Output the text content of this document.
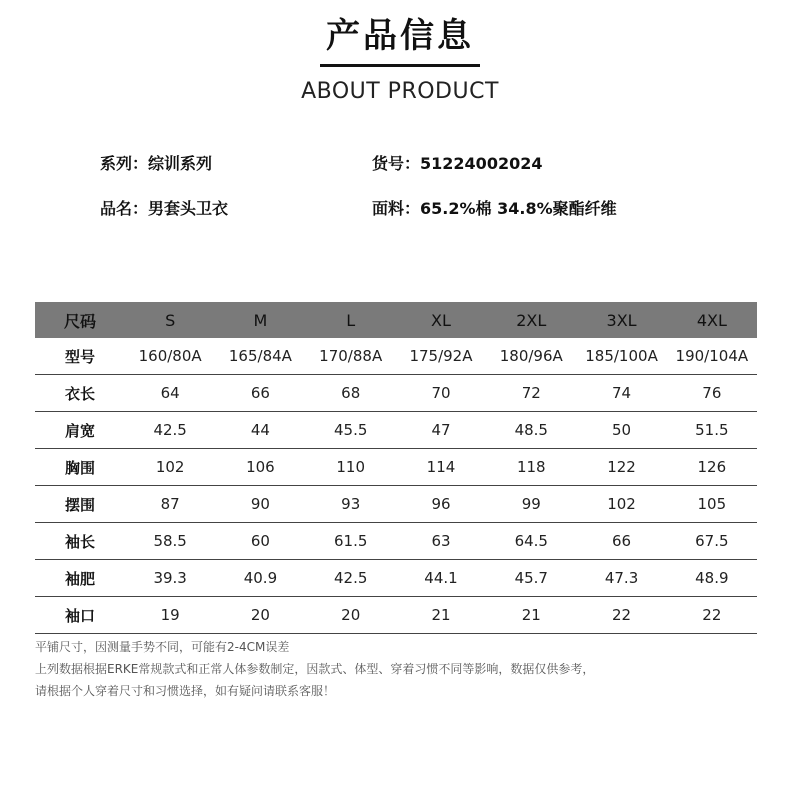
产品信息
ABOUT PRODUCT
系列： 综训系列	货号： 51224002024
品名： 男套头卫衣	面料： 65.2%棉 34.8%聚酯纤维
尺码	S	M	L	XL	2XL	3XL	4XL
型号	160/80A	165/84A	170/88A	175/92A	180/96A	185/100A	190/104A
衣长	64	66	68	70	72	74	76
肩宽	42.5	44	45.5	47	48.5	50	51.5
胸围	102	106	110	114	118	122	126
摆围	87	90	93	96	99	102	105
袖长	58.5	60	61.5	63	64.5	66	67.5
袖肥	39.3	40.9	42.5	44.1	45.7	47.3	48.9
袖口	19	20	20	21	21	22	22
平铺尺寸，因测量手势不同，可能有2-4CM误差
上列数据根据ERKE常规款式和正常人体参数制定，因款式、体型、穿着习惯不同等影响，数据仅供参考，
请根据个人穿着尺寸和习惯选择，如有疑问请联系客服！
